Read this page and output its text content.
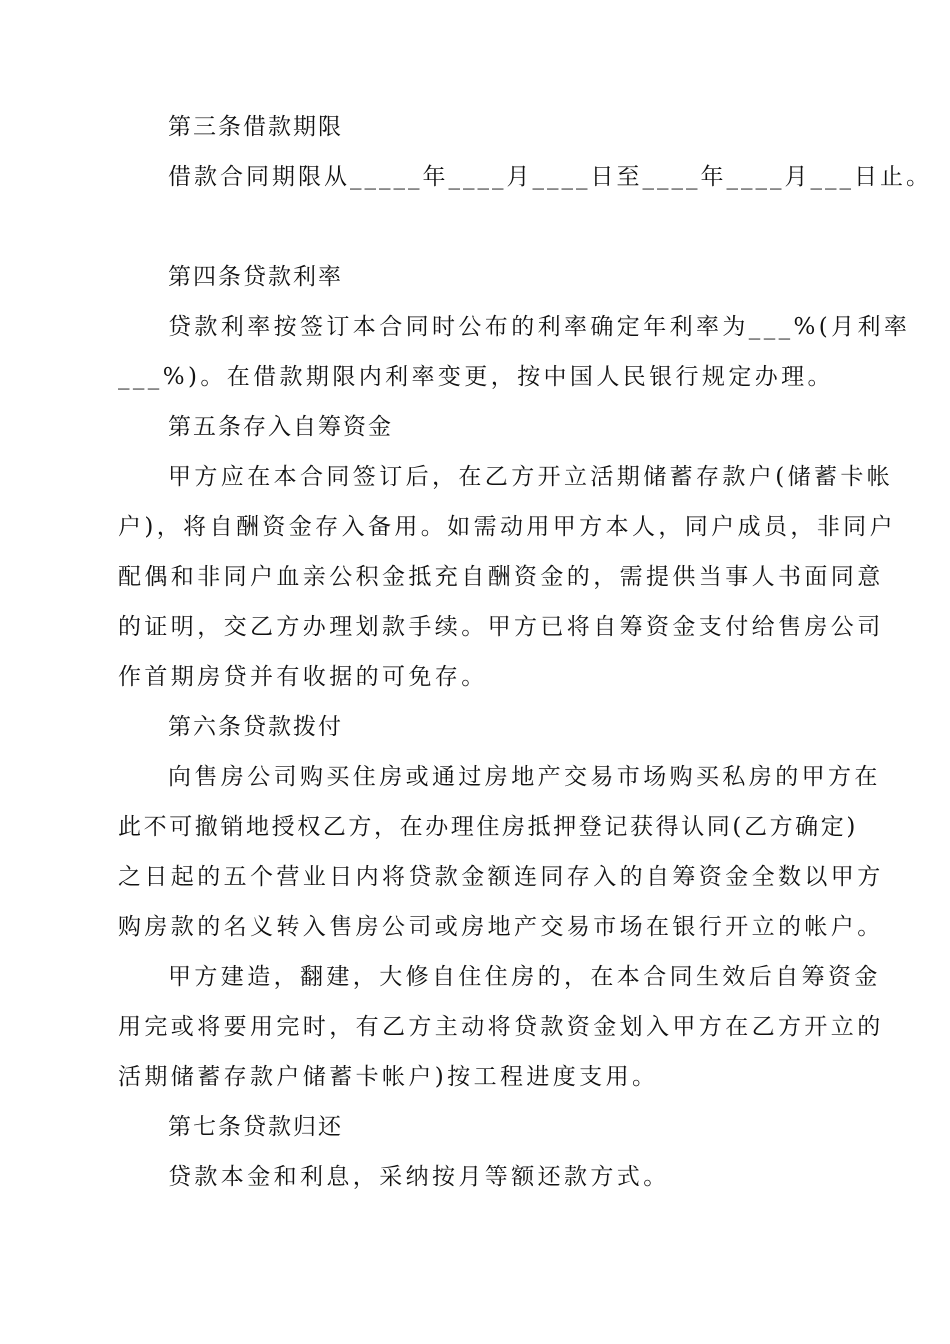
第三条借款期限
借款合同期限从_____年____月____日至____年____月___日止。
第四条贷款利率
贷款利率按签订本合同时公布的利率确定年利率为___%(月利率
___%)。在借款期限内利率变更，按中国人民银行规定办理。
第五条存入自筹资金
甲方应在本合同签订后，在乙方开立活期储蓄存款户(储蓄卡帐
户)，将自酬资金存入备用。如需动用甲方本人，同户成员，非同户
配偶和非同户血亲公积金抵充自酬资金的，需提供当事人书面同意
的证明，交乙方办理划款手续。甲方已将自筹资金支付给售房公司
作首期房贷并有收据的可免存。
第六条贷款拨付
向售房公司购买住房或通过房地产交易市场购买私房的甲方在
此不可撤销地授权乙方，在办理住房抵押登记获得认同(乙方确定)
之日起的五个营业日内将贷款金额连同存入的自筹资金全数以甲方
购房款的名义转入售房公司或房地产交易市场在银行开立的帐户。
甲方建造，翻建，大修自住住房的，在本合同生效后自筹资金
用完或将要用完时，有乙方主动将贷款资金划入甲方在乙方开立的
活期储蓄存款户储蓄卡帐户)按工程进度支用。
第七条贷款归还
贷款本金和利息，采纳按月等额还款方式。
